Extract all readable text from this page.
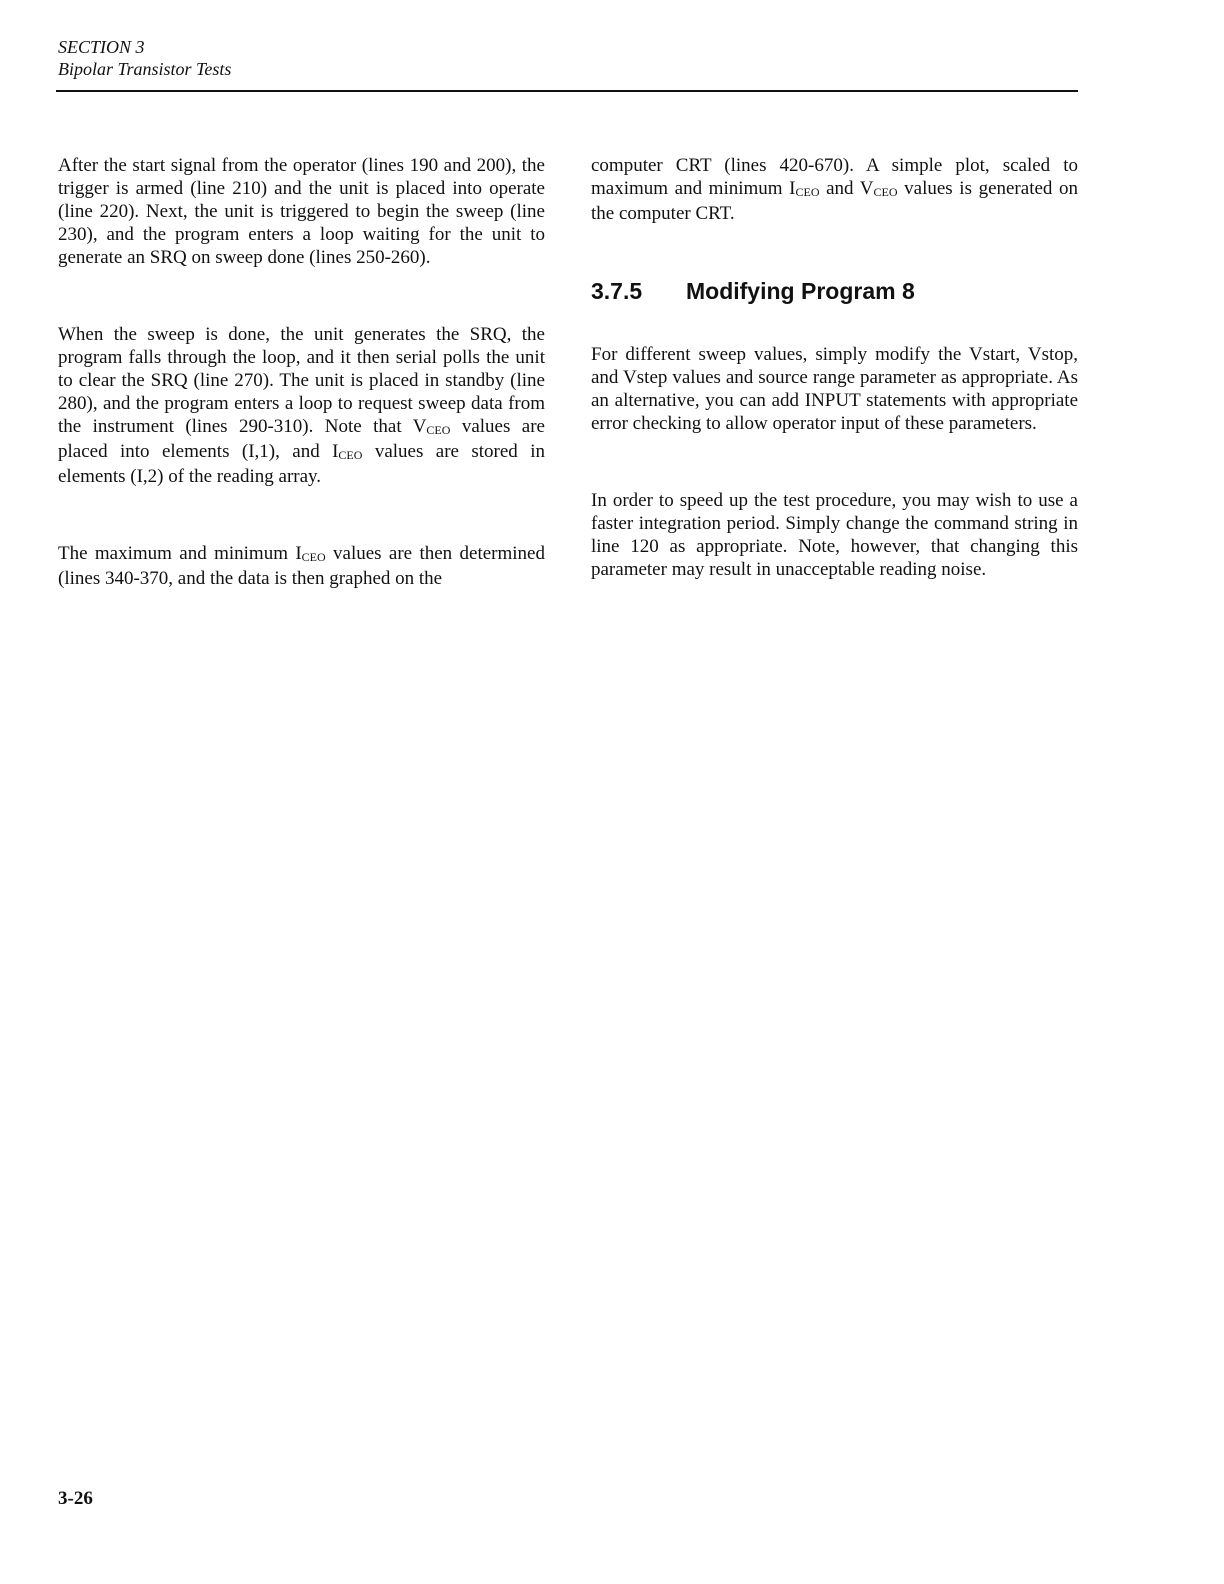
SECTION 3
Bipolar Transistor Tests

After the start signal from the operator (lines 190 and 200), the trigger is armed (line 210) and the unit is placed into operate (line 220). Next, the unit is triggered to begin the sweep (line 230), and the program enters a loop waiting for the unit to generate an SRQ on sweep done (lines 250-260).

When the sweep is done, the unit generates the SRQ, the program falls through the loop, and it then serial polls the unit to clear the SRQ (line 270). The unit is placed in standby (line 280), and the program enters a loop to request sweep data from the instrument (lines 290-310). Note that VCEO values are placed into elements (I,1), and ICEO values are stored in elements (I,2) of the reading array.

The maximum and minimum ICEO values are then determined (lines 340-370, and the data is then graphed on the

computer CRT (lines 420-670). A simple plot, scaled to maximum and minimum ICEO and VCEO values is generated on the computer CRT.

3.7.5 Modifying Program 8

For different sweep values, simply modify the Vstart, Vstop, and Vstep values and source range parameter as appropriate. As an alternative, you can add INPUT statements with appropriate error checking to allow operator input of these parameters.

In order to speed up the test procedure, you may wish to use a faster integration period. Simply change the command string in line 120 as appropriate. Note, however, that changing this parameter may result in unacceptable reading noise.

3-26
